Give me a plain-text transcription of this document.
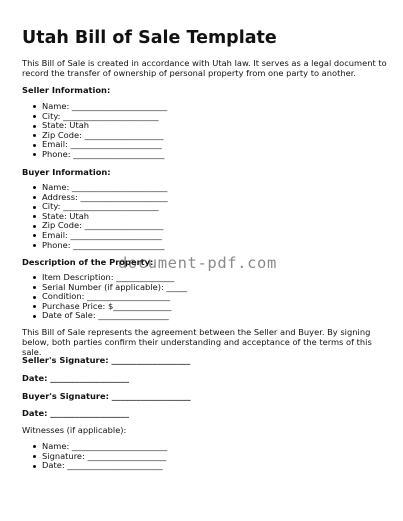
Utah Bill of Sale Template

This Bill of Sale is created in accordance with Utah law. It serves as a legal document to record the transfer of ownership of personal property from one party to another.

Seller Information:

Name: _______________________
City: _______________________
State: Utah
Zip Code: ___________________
Email: ______________________
Phone: ______________________

Buyer Information:

Name: _______________________
Address: _____________________
City: _______________________
State: Utah
Zip Code: ___________________
Email: ______________________
Phone: ______________________

Description of the Property:

Item Description: ______________
Serial Number (if applicable): _____
Condition: ____________________
Purchase Price: $______________
Date of Sale: _________________

This Bill of Sale represents the agreement between the Seller and Buyer. By signing below, both parties confirm their understanding and acceptance of the terms of this sale.

Seller's Signature: ___________________

Date: ___________________

Buyer's Signature: ___________________

Date: ___________________

Witnesses (if applicable):

Name: _______________________
Signature: ___________________
Date: _______________________
document-pdf.com
